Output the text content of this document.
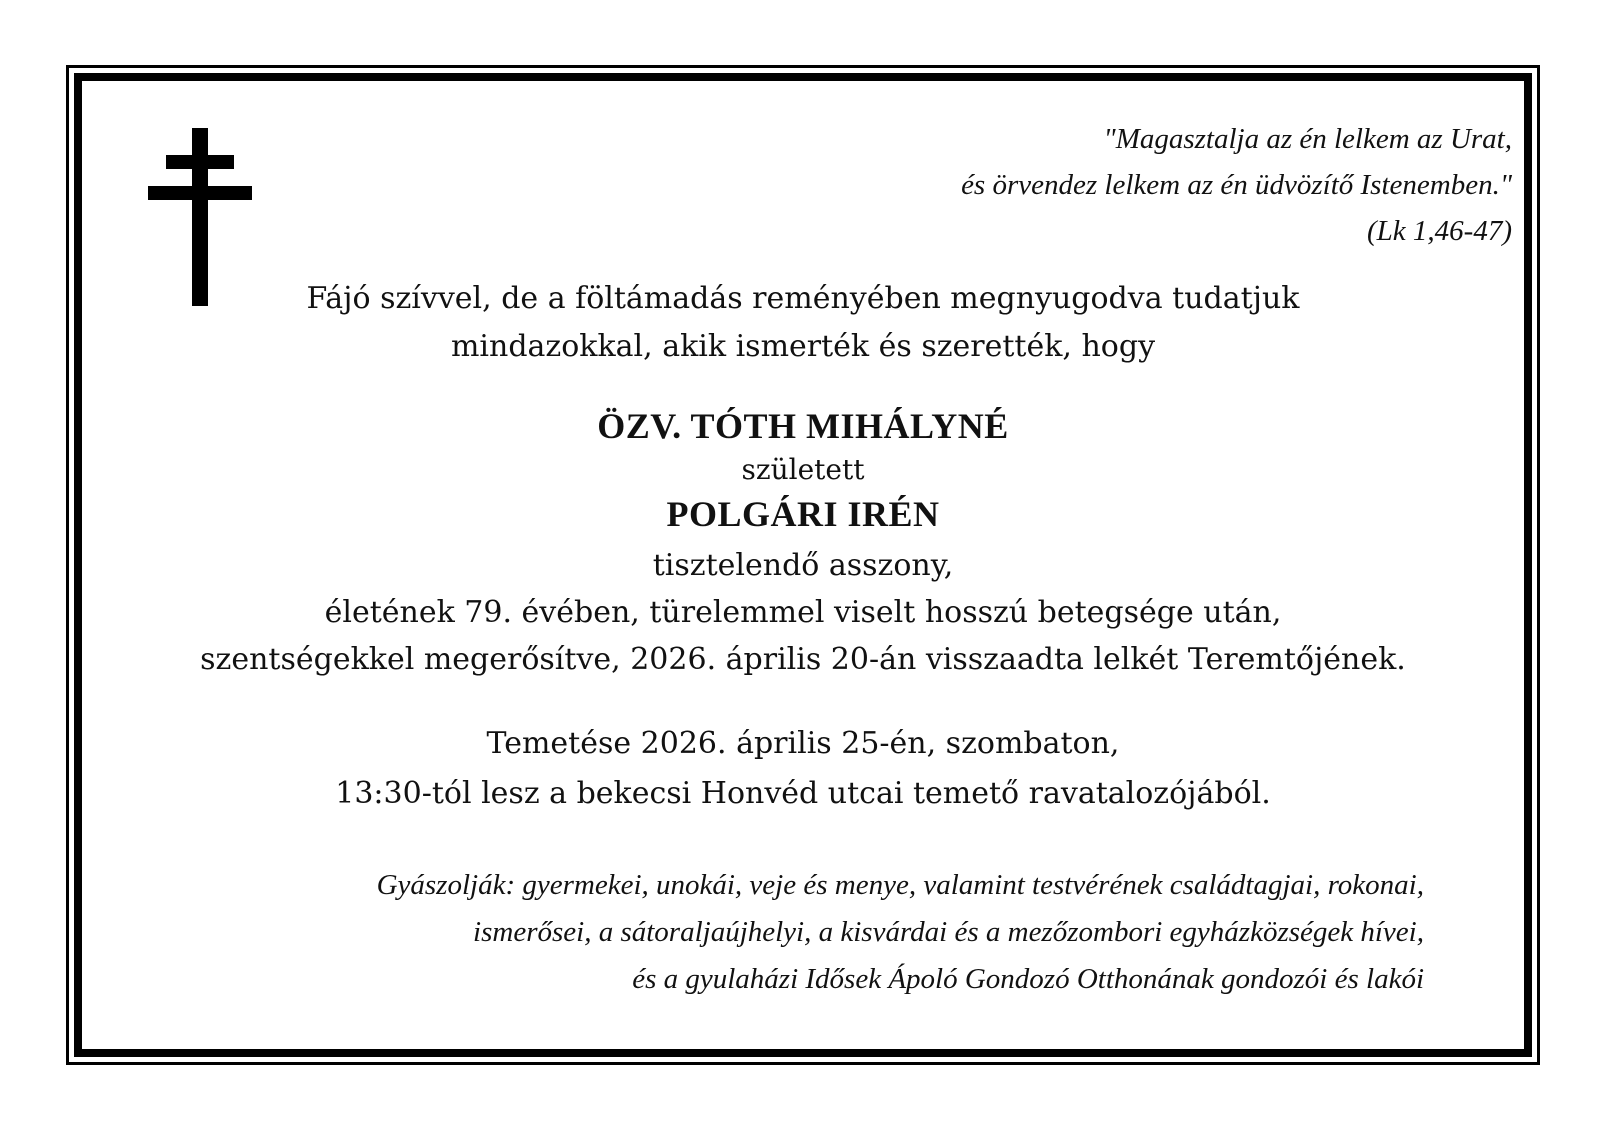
"Magasztalja az én lelkem az Urat,
és örvendez lelkem az én üdvözítő Istenemben."
(Lk 1,46-47)
Fájó szívvel, de a föltámadás reményében megnyugodva tudatjuk
mindazokkal, akik ismerték és szerették, hogy
ÖZV. TÓTH MIHÁLYNÉ
született
POLGÁRI IRÉN
tisztelendő asszony,
életének 79. évében, türelemmel viselt hosszú betegsége után,
szentségekkel megerősítve, 2026. április 20-án visszaadta lelkét Teremtőjének.
Temetése 2026. április 25-én, szombaton,
13:30-tól lesz a bekecsi Honvéd utcai temető ravatalozójából.
Gyászolják: gyermekei, unokái, veje és menye, valamint testvérének családtagjai, rokonai,
ismerősei, a sátoraljaújhelyi, a kisvárdai és a mezőzombori egyházközségek hívei,
és a gyulaházi Idősek Ápoló Gondozó Otthonának gondozói és lakói
